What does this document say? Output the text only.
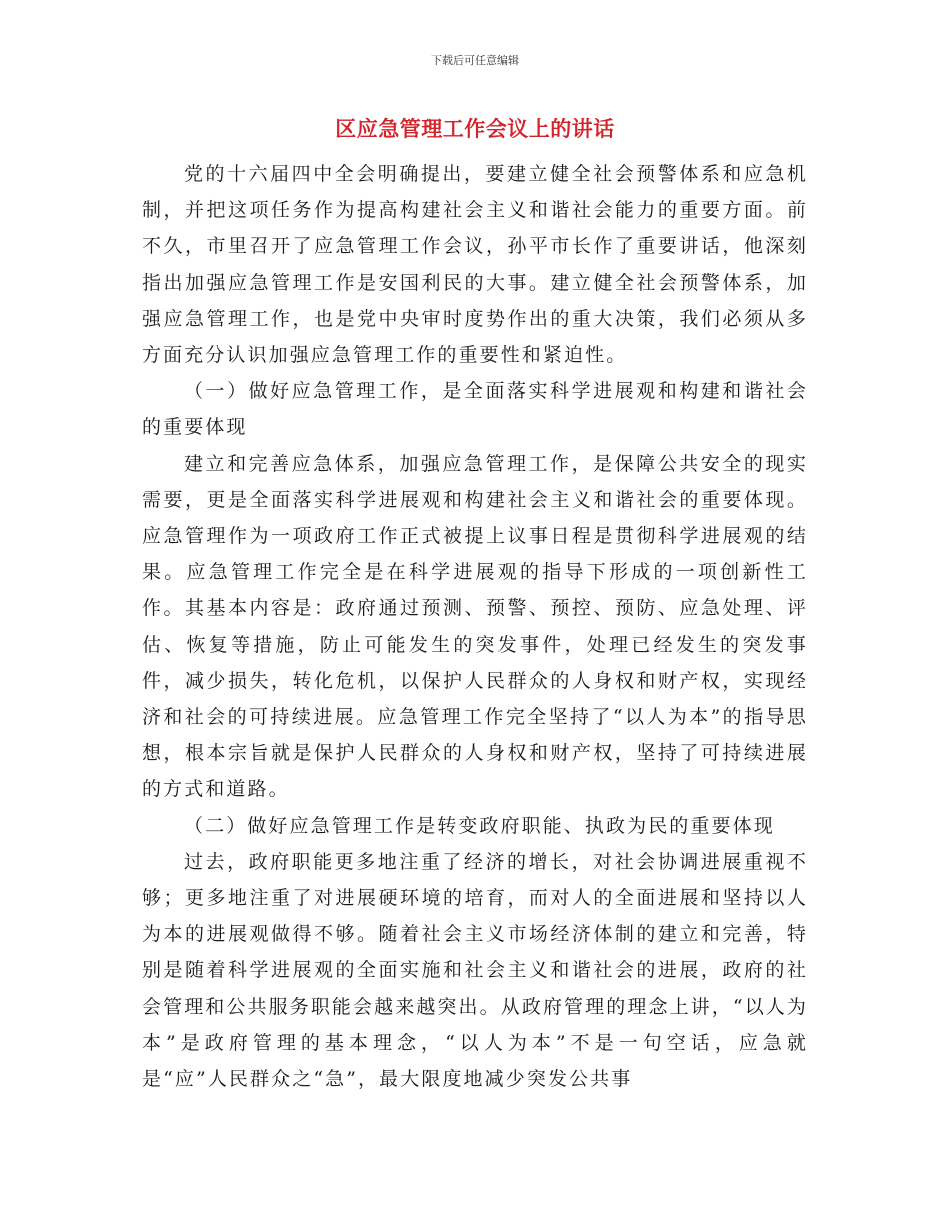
下载后可任意编辑
区应急管理工作会议上的讲话

党的十六届四中全会明确提出，要建立健全社会预警体系和应急机制，并把这项任务作为提高构建社会主义和谐社会能力的重要方面。前不久，市里召开了应急管理工作会议，孙平市长作了重要讲话，他深刻指出加强应急管理工作是安国利民的大事。建立健全社会预警体系，加强应急管理工作，也是党中央审时度势作出的重大决策，我们必须从多方面充分认识加强应急管理工作的重要性和紧迫性。

（一）做好应急管理工作，是全面落实科学进展观和构建和谐社会的重要体现

建立和完善应急体系，加强应急管理工作，是保障公共安全的现实需要，更是全面落实科学进展观和构建社会主义和谐社会的重要体现。应急管理作为一项政府工作正式被提上议事日程是贯彻科学进展观的结果。应急管理工作完全是在科学进展观的指导下形成的一项创新性工作。其基本内容是：政府通过预测、预警、预控、预防、应急处理、评估、恢复等措施，防止可能发生的突发事件，处理已经发生的突发事件，减少损失，转化危机，以保护人民群众的人身权和财产权，实现经济和社会的可持续进展。应急管理工作完全坚持了“以人为本”的指导思想，根本宗旨就是保护人民群众的人身权和财产权，坚持了可持续进展的方式和道路。

（二）做好应急管理工作是转变政府职能、执政为民的重要体现

过去，政府职能更多地注重了经济的增长，对社会协调进展重视不够；更多地注重了对进展硬环境的培育，而对人的全面进展和坚持以人为本的进展观做得不够。随着社会主义市场经济体制的建立和完善，特别是随着科学进展观的全面实施和社会主义和谐社会的进展，政府的社会管理和公共服务职能会越来越突出。从政府管理的理念上讲，“以人为本”是政府管理的基本理念，“以人为本”不是一句空话，应急就是“应”人民群众之“急”，最大限度地减少突发公共事
